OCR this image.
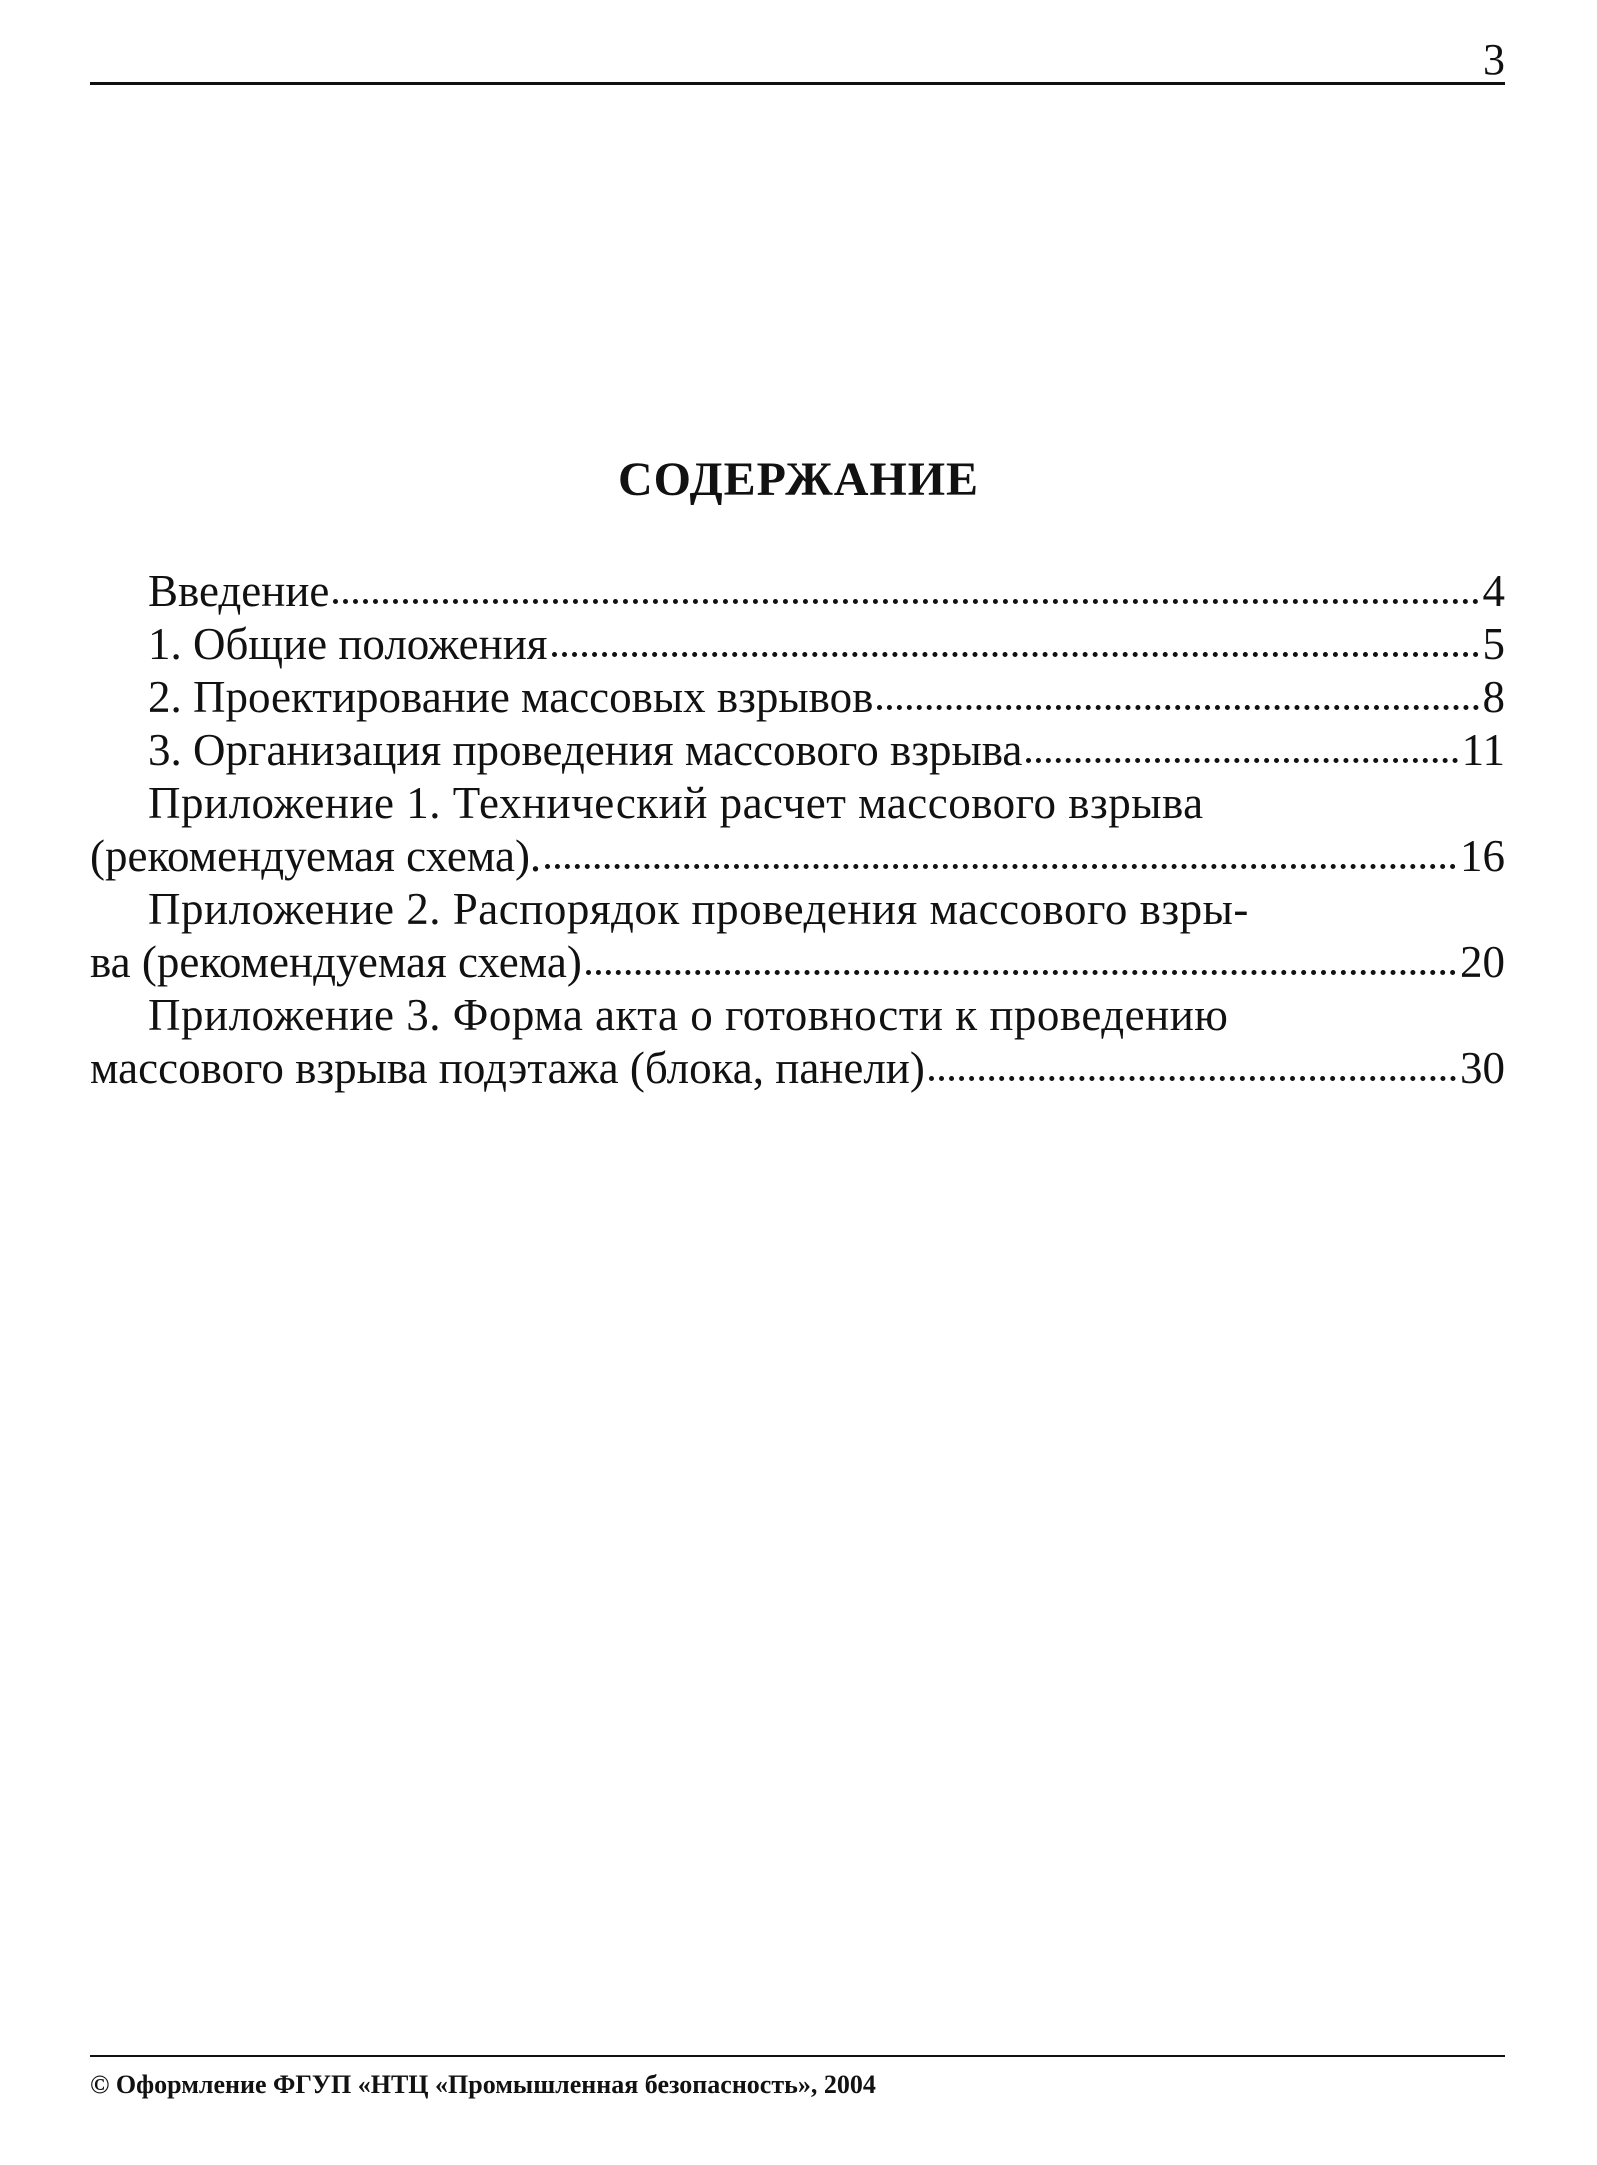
3
СОДЕРЖАНИЕ
Введение	4
1. Общие положения	5
2. Проектирование массовых взрывов	8
3. Организация проведения массового взрыва	11
Приложение 1. Технический расчет массового взрыва
(рекомендуемая схема).	16
Приложение 2. Распорядок проведения массового взры-
ва (рекомендуемая схема)	20
Приложение 3. Форма акта о готовности к проведению
массового взрыва подэтажа (блока, панели)	30
© Оформление ФГУП «НТЦ «Промышленная безопасность», 2004
